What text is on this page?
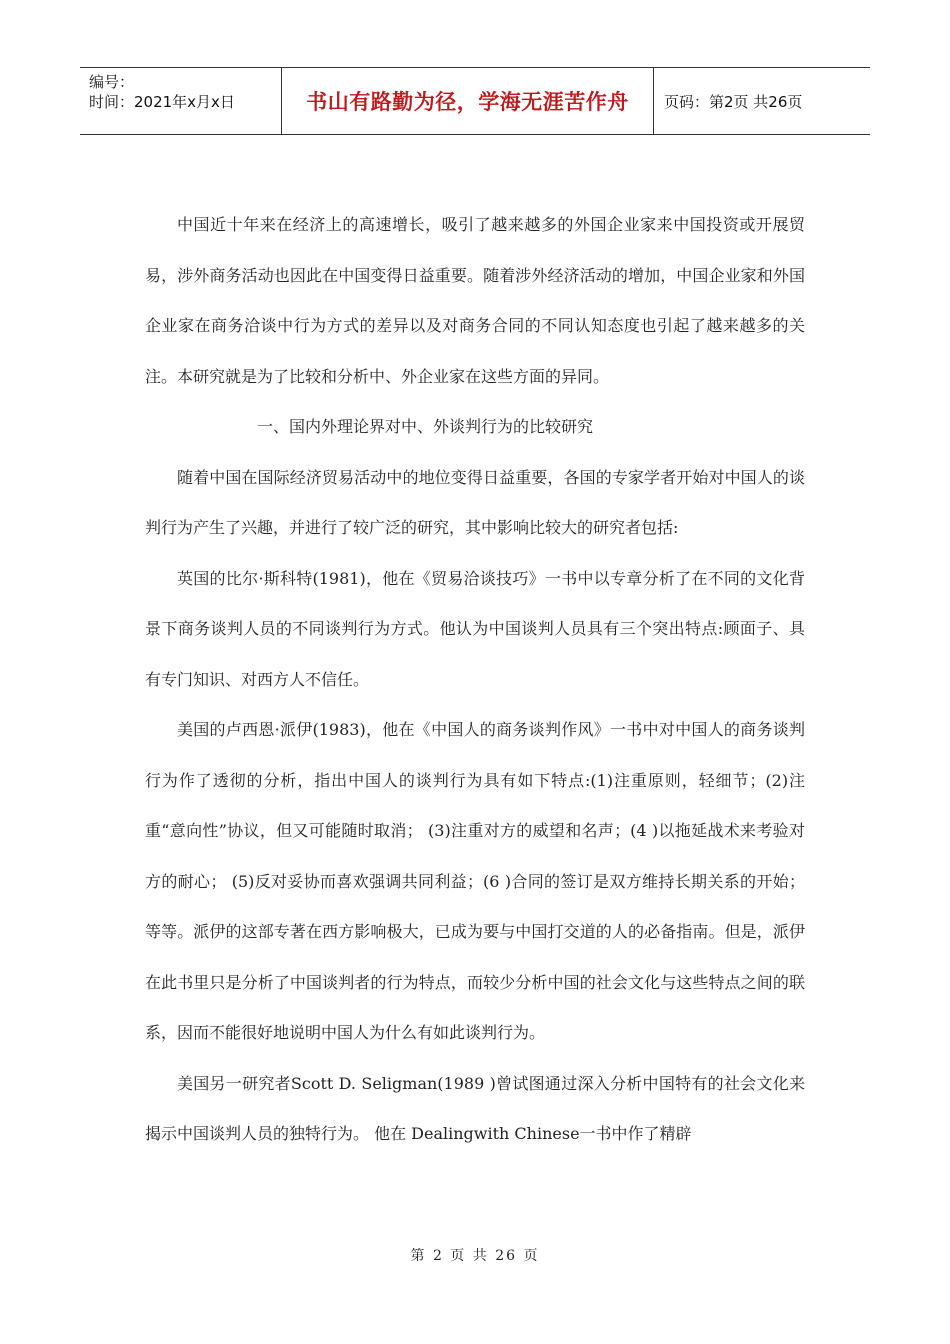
编号：
时间：2021年x月x日	书山有路勤为径，学海无涯苦作舟	页码：第2页 共26页

中国近十年来在经济上的高速增长，吸引了越来越多的外国企业家来中国投资或开展贸易，涉外商务活动也因此在中国变得日益重要。随着涉外经济活动的增加，中国企业家和外国企业家在商务洽谈中行为方式的差异以及对商务合同的不同认知态度也引起了越来越多的关注。本研究就是为了比较和分析中、外企业家在这些方面的异同。

一、国内外理论界对中、外谈判行为的比较研究

随着中国在国际经济贸易活动中的地位变得日益重要，各国的专家学者开始对中国人的谈判行为产生了兴趣，并进行了较广泛的研究，其中影响比较大的研究者包括:

英国的比尔·斯科特(1981)，他在《贸易洽谈技巧》一书中以专章分析了在不同的文化背景下商务谈判人员的不同谈判行为方式。他认为中国谈判人员具有三个突出特点:顾面子、具有专门知识、对西方人不信任。

美国的卢西恩·派伊(1983)，他在《中国人的商务谈判作风》一书中对中国人的商务谈判行为作了透彻的分析，指出中国人的谈判行为具有如下特点:(1)注重原则，轻细节；(2)注重“意向性”协议，但又可能随时取消； (3)注重对方的威望和名声；(4 )以拖延战术来考验对方的耐心； (5)反对妥协而喜欢强调共同利益；(6 )合同的签订是双方维持长期关系的开始；等等。派伊的这部专著在西方影响极大，已成为要与中国打交道的人的必备指南。但是，派伊在此书里只是分析了中国谈判者的行为特点，而较少分析中国的社会文化与这些特点之间的联系，因而不能很好地说明中国人为什么有如此谈判行为。

美国另一研究者Scott D. Seligman(1989 )曾试图通过深入分析中国特有的社会文化来揭示中国谈判人员的独特行为。 他在 Dealingwith Chinese一书中作了精辟

第 2 页 共 26 页
